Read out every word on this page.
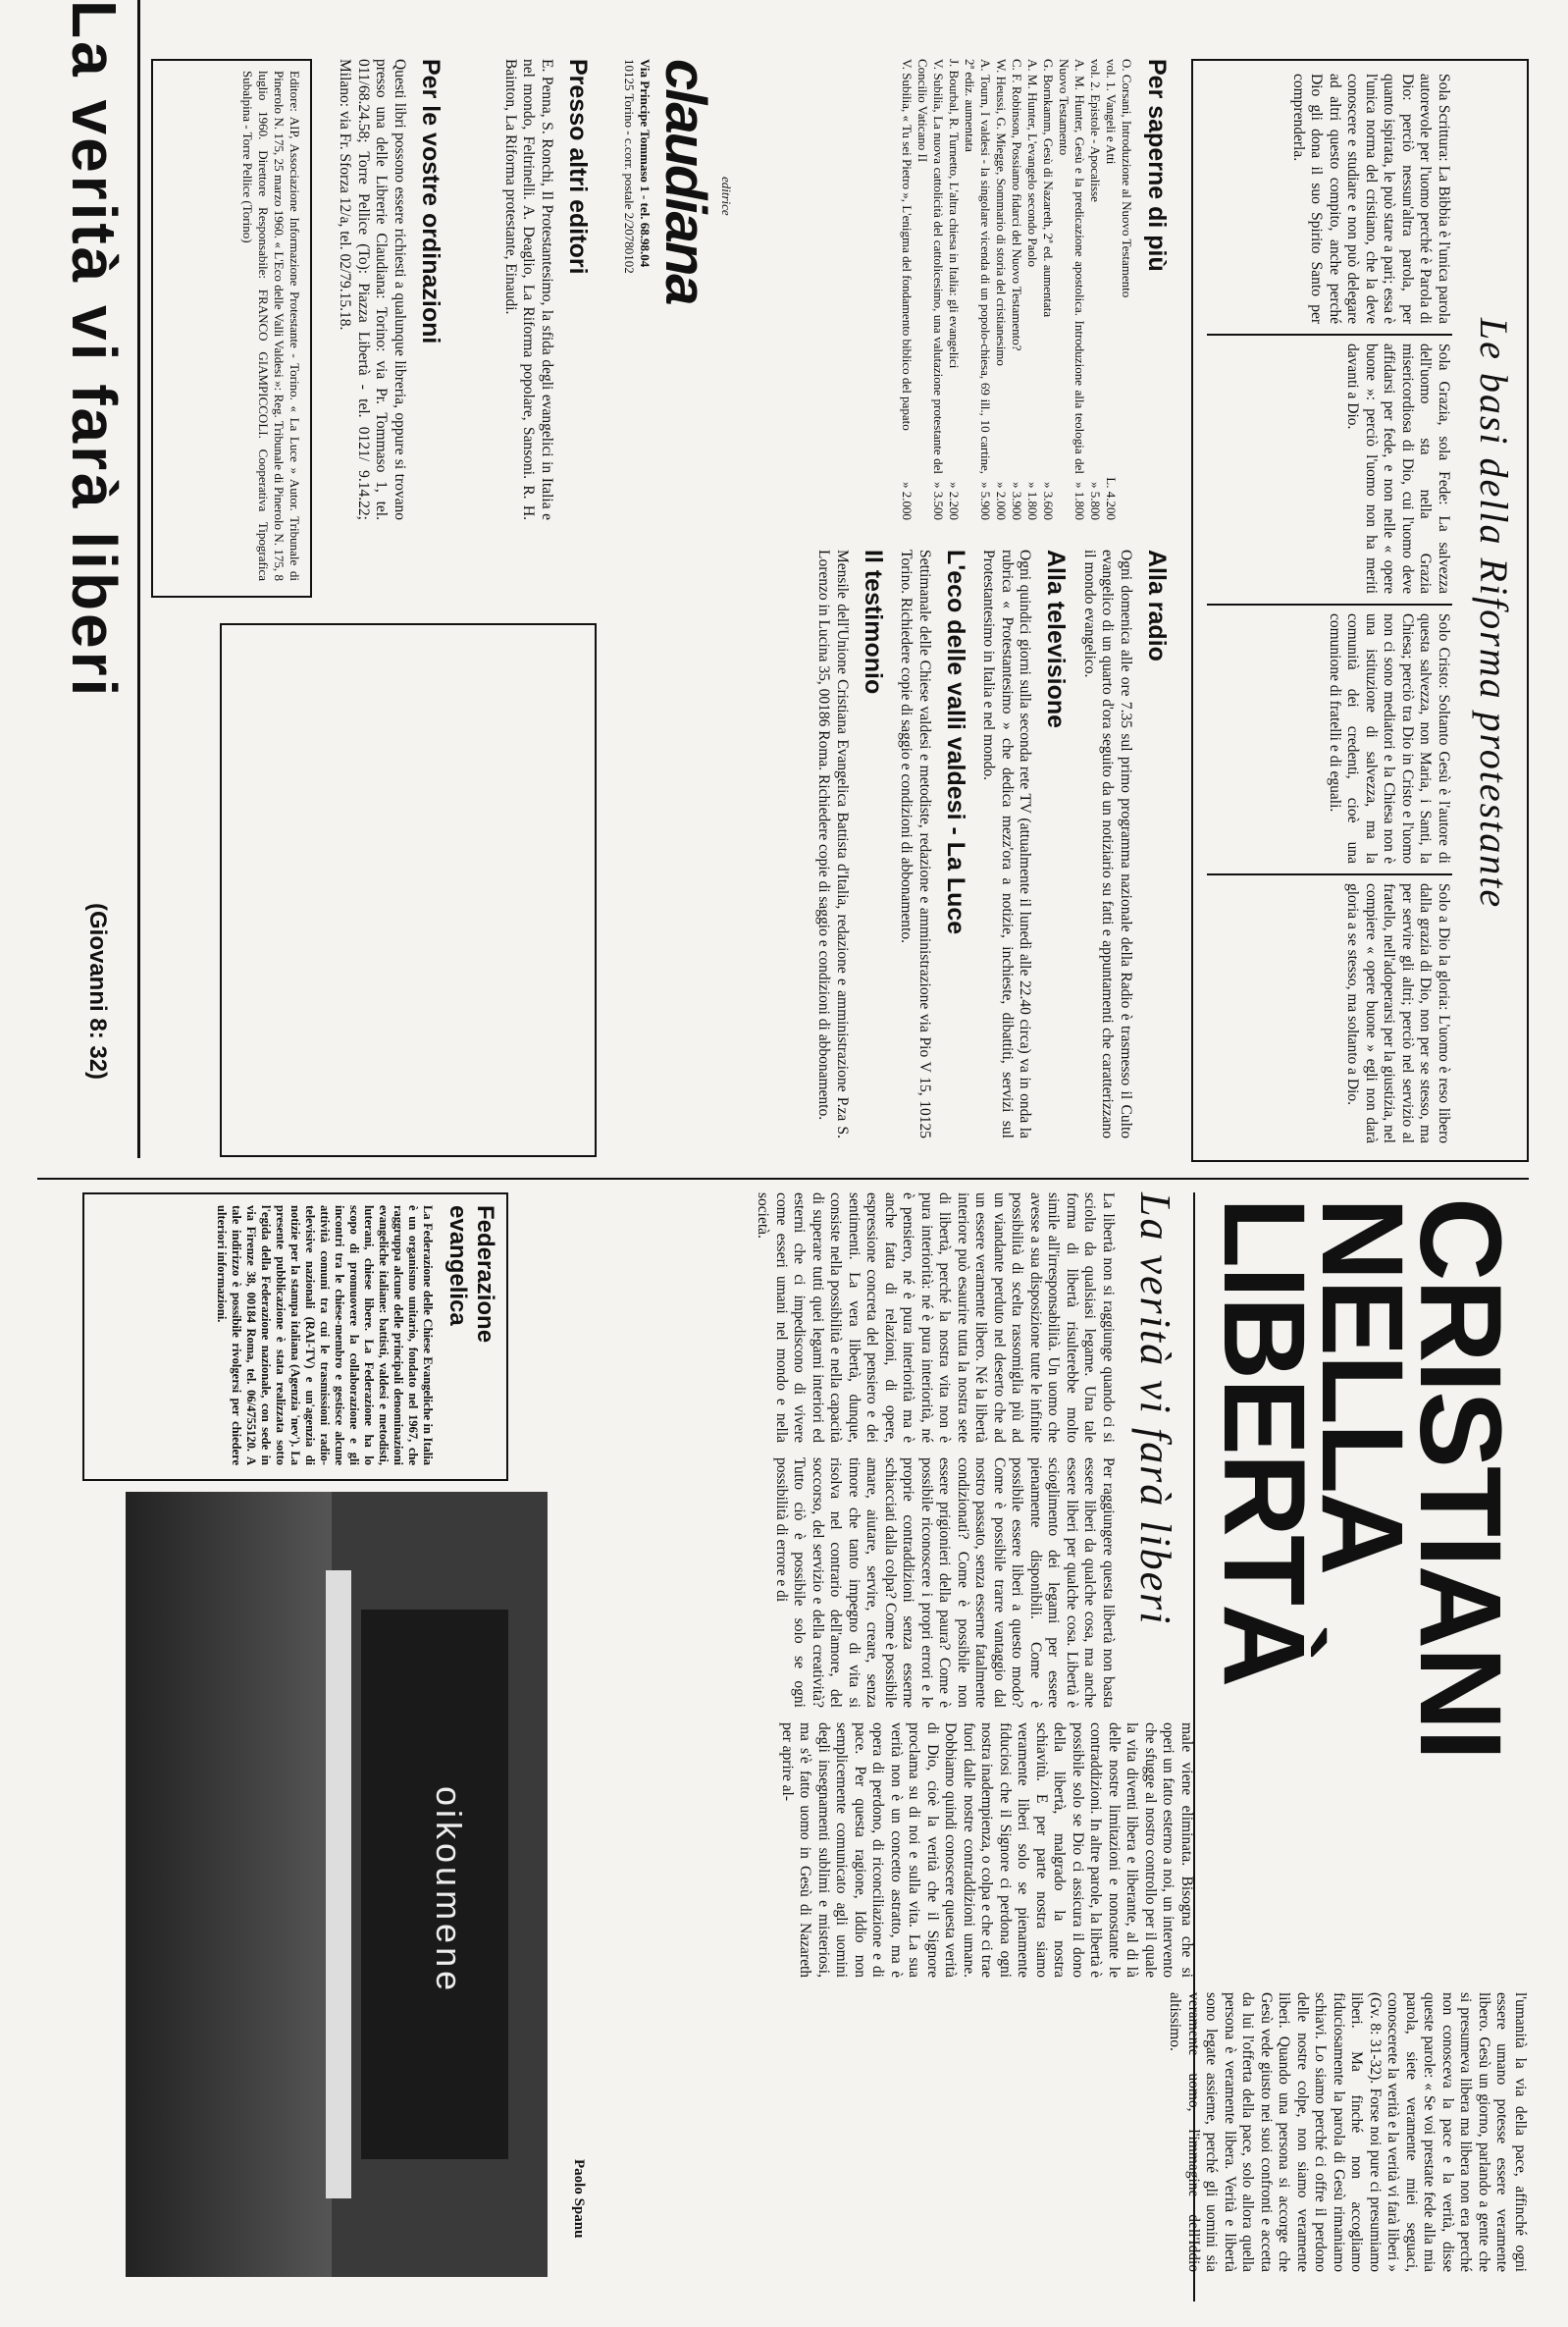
Le basi della Riforma protestante
Sola Scrittura: La Bibbia è l'unica parola autorevole per l'uomo perché è Parola di Dio: perciò nessun'altra parola, per quanto ispirata, le può stare a pari; essa è l'unica norma del cristiano, che la deve conoscere e studiare e non può delegare ad altri questo compito, anche perché Dio gli dona il suo Spirito Santo per comprenderla.
Sola Grazia, sola Fede: La salvezza dell'uomo sta nella Grazia misericordiosa di Dio, cui l'uomo deve affidarsi per fede, e non nelle « opere buone »: perciò l'uomo non ha meriti davanti a Dio.
Solo Cristo: Soltanto Gesù è l'autore di questa salvezza, non Maria, i Santi, la Chiesa; perciò tra Dio in Cristo e l'uomo non ci sono mediatori e la Chiesa non è una istituzione di salvezza, ma la comunità dei credenti, cioè una comunione di fratelli e di eguali.
Solo a Dio la gloria: L'uomo è reso libero dalla grazia di Dio, non per se stesso, ma per servire gli altri; perciò nel servizio al fratello, nell'adoperarsi per la giustizia, nel compiere « opere buone » egli non darà gloria a se stesso, ma soltanto a Dio.
Per saperne di più
O. Corsani, Introduzione al Nuovo Testamento
vol. 1. Vangeli e Atti
L. 4.200
vol. 2. Epistole - Apocalisse
» 5.800
A. M. Hunter, Gesù e la predicazione apostolica. Introduzione alla teologia del Nuovo Testamento
» 1.800
G. Bornkamm, Gesù di Nazareth, 2ª ed. aumentata
» 3.600
A. M. Hunter, L'evangelo secondo Paolo
» 1.800
C. F. Robinson, Possiamo fidarci del Nuovo Testamento?
» 3.900
W. Heussi, G. Miegge, Sommario di storia del cristianesimo
» 2.000
A. Tourn, I valdesi - la singolare vicenda di un popolo-chiesa, 69 ill., 10 cartine, 2ª ediz. aumentata
» 5.900
J. Bourbal, R. Turnetto, L'altra chiesa in Italia: gli evangelici
» 2.200
V. Subilia, La nuova cattolicità del cattolicesimo, una valutazione protestante del Concilio Vaticano II
» 3.500
V. Subilia, « Tu sei Pietro », L'enigma del fondamento biblico del papato
» 2.000
editrice
claudiana
Via Principe Tommaso 1 - tel. 68.98.04
10125 Torino - c.corr. postale 2/20780102
Presso altri editori
E. Penna, S. Ronchi, Il Protestantesimo, la sfida degli evangelici in Italia e nel mondo, Feltrinelli. A. Deaglio, La Riforma popolare, Sansoni. R. H. Bainton, La Riforma protestante, Einaudi.
Per le vostre ordinazioni
Questi libri possono essere richiesti a qualunque libreria, oppure si trovano presso una delle Librerie Claudiana: Torino: via Pr. Tommaso 1, tel. 011/68.24.58; Torre Pellice (To): Piazza Libertà - tel. 0121/ 9.14.22; Milano: via Fr. Sforza 12/a, tel. 02/79.15.18.
Alla radio
Ogni domenica alle ore 7.35 sul primo programma nazionale della Radio è trasmesso il Culto evangelico di un quarto d'ora seguito da un notiziario su fatti e appuntamenti che caratterizzano il mondo evangelico.
Alla televisione
Ogni quindici giorni sulla seconda rete TV (attualmente il lunedì alle 22.40 circa) va in onda la rubrica « Protestantesimo » che dedica mezz'ora a notizie, inchieste, dibattiti, servizi sul Protestantesimo in Italia e nel mondo.
L'eco delle valli valdesi - La Luce
Settimanale delle Chiese valdesi e metodiste, redazione e amministrazione via Pio V 15, 10125 Torino. Richiedere copie di saggio e condizioni di abbonamento.
Il testimonio
Mensile dell'Unione Cristiana Evangelica Battista d'Italia, redazione e amministrazione P.za S. Lorenzo in Lucina 35, 00186 Roma. Richiedere copie di saggio e condizioni di abbonamento.
Editore: AIP, Associazione Informazione Protestante - Torino. « La Luce » Autor. Tribunale di Pinerolo N. 175, 25 marzo 1960. « L'Eco delle Valli Valdesi »: Reg. Tribunale di Pinerolo N. 175, 8 luglio 1960. Direttore Responsabile: FRANCO GIAMPICCOLI. Cooperativa Tipografica Subalpina - Torre Pellice (Torino)
La verità vi farà liberi
(Giovanni 8: 32)
CRISTIANI
NELLA
LIBERTÀ
La verità vi farà liberi
La libertà non si raggiunge quando ci si sciolta da qualsiasi legame. Una tale forma di libertà risulterebbe molto simile all'irresponsabilità. Un uomo che avesse a sua disposizione tutte le infinite possibilità di scelta rassomiglia più ad un viandante perduto nel deserto che ad un essere veramente libero. Né la libertà interiore può esaurire tutta la nostra sete di libertà, perché la nostra vita non è pura interiorità: né è pura interiorità, né è pensiero, né è pura interiorità ma è anche fatta di relazioni, di opere, espressione concreta del pensiero e dei sentimenti. La vera libertà, dunque, consiste nella possibilità e nella capacità di superare tutti quei legami interiori ed esterni che ci impediscono di vivere come esseri umani nel mondo e nella società.
Per raggiungere questa libertà non basta essere liberi da qualche cosa, ma anche essere liberi per qualche cosa. Libertà è scioglimento dei legami per essere pienamente disponibili. Come è possibile essere liberi a questo modo? Come è possibile trarre vantaggio dal nostro passato, senza esserne fatalmente condizionati? Come è possibile non essere prigionieri della paura? Come è possibile riconoscere i propri errori e le proprie contraddizioni senza esserne schiacciati dalla colpa? Come è possibile amare, aiutare, servire, creare, senza timore che tanto impegno di vita si risolva nel contrario dell'amore, del soccorso, del servizio e della creatività? Tutto ciò è possibile solo se ogni possibilità di errore e di
male viene eliminata. Bisogna che si operi un fatto esterno a noi, un intervento che sfugge al nostro controllo per il quale la vita diventi libera e liberante, al di là delle nostre limitazioni e nonostante le contraddizioni. In altre parole, la libertà è possibile solo se Dio ci assicura il dono della libertà, malgrado la nostra schiavitù. E per parte nostra siamo veramente liberi solo se pienamente fiduciosi che il Signore ci perdona ogni nostra inadempienza, o colpa e che ci trae fuori dalle nostre contraddizioni umane. Dobbiamo quindi conoscere questa verità di Dio, cioè la verità che il Signore proclama su di noi e sulla vita. La sua verità non è un concetto astratto, ma è opera di perdono, di riconciliazione e di pace. Per questa ragione, Iddio non semplicemente comunicato agli uomini degli insegnamenti sublimi e misteriosi, ma s'è fatto uomo in Gesù di Nazareth per aprire al-
l'umanità la via della pace, affinché ogni essere umano potesse essere veramente libero. Gesù un giorno, parlando a gente che si presumeva libera ma libera non era perché non conosceva la pace e la verità, disse queste parole: « Se voi prestate fede alla mia parola, siete veramente miei seguaci, conoscerete la verità e la verità vi farà liberi » (Gv. 8: 31-32). Forse noi pure ci presumiamo liberi. Ma finché non accogliamo fiduciosamente la parola di Gesù rimaniamo schiavi. Lo siamo perché ci offre il perdono delle nostre colpe, non siamo veramente liberi. Quando una persona si accorge che Gesù vede giusto nei suoi confronti e accetta da lui l'offerta della pace, solo allora quella persona è veramente libera. Verità e libertà sono legate assieme, perché gli uomini sia veramente uomo, l'immagine dell'Iddio altissimo.
Paolo Spanu
oikoumene
Federazione evangelica
La Federazione delle Chiese Evangeliche in Italia è un organismo unitario, fondato nel 1967, che raggruppa alcune delle principali denominazioni evangeliche italiane: battisti, valdesi e metodisti, luterani, chiese libere. La Federazione ha lo scopo di promuovere la collaborazione e gli incontri tra le chiese-membro e gestisce alcune attività comuni tra cui le trasmissioni radio-televisive nazionali (RAI-TV) e un'agenzia di notizie per la stampa italiana (Agenzia 'nev'). La presente pubblicazione è stata realizzata sotto l'egida della Federazione nazionale, con sede in via Firenze 38, 00184 Roma, tel. 06/4755120. A tale indirizzo è possibile rivolgersi per chiedere ulteriori informazioni.
